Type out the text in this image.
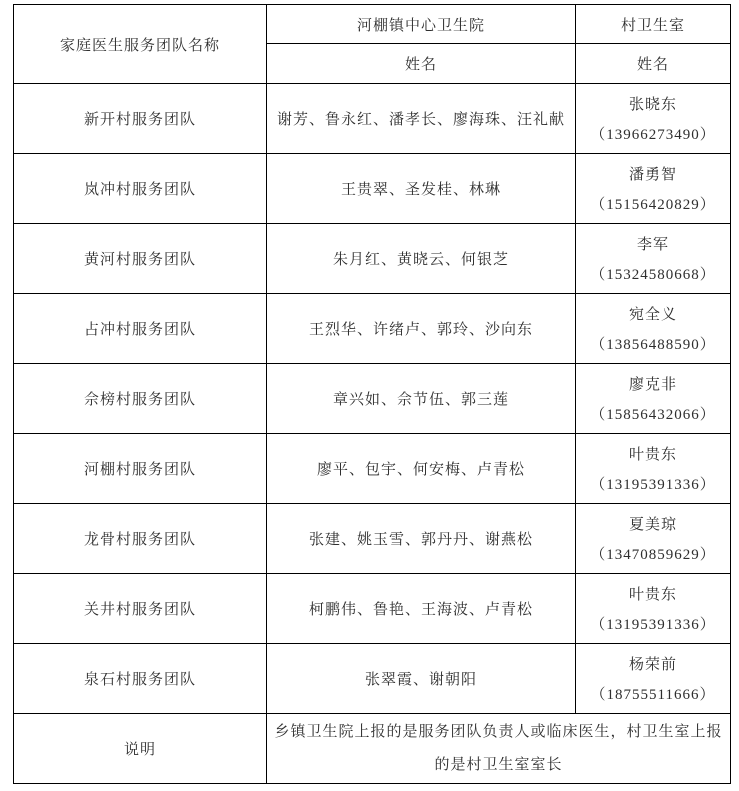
家庭医生服务团队名称	河棚镇中心卫生院	村卫生室
	姓名	姓名
新开村服务团队	谢芳、鲁永红、潘孝长、廖海珠、汪礼献	张晓东
（13966273490）

岚冲村服务团队	王贵翠、圣发桂、林琳	潘勇智
（15156420829）

黄河村服务团队	朱月红、黄晓云、何银芝	李军
（15324580668）

占冲村服务团队	王烈华、许绪卢、郭玲、沙向东	宛全义
（13856488590）

佘榜村服务团队	章兴如、佘节伍、郭三莲	廖克非
（15856432066）

河棚村服务团队	廖平、包宇、何安梅、卢青松	叶贵东
（13195391336）

龙骨村服务团队	张建、姚玉雪、郭丹丹、谢燕松	夏美琼
（13470859629）

关井村服务团队	柯鹏伟、鲁艳、王海波、卢青松	叶贵东
（13195391336）

泉石村服务团队	张翠霞、谢朝阳	杨荣前
（18755511666）

说明	乡镇卫生院上报的是服务团队负责人或临床医生，村卫生室上报的是村卫生室室长	
